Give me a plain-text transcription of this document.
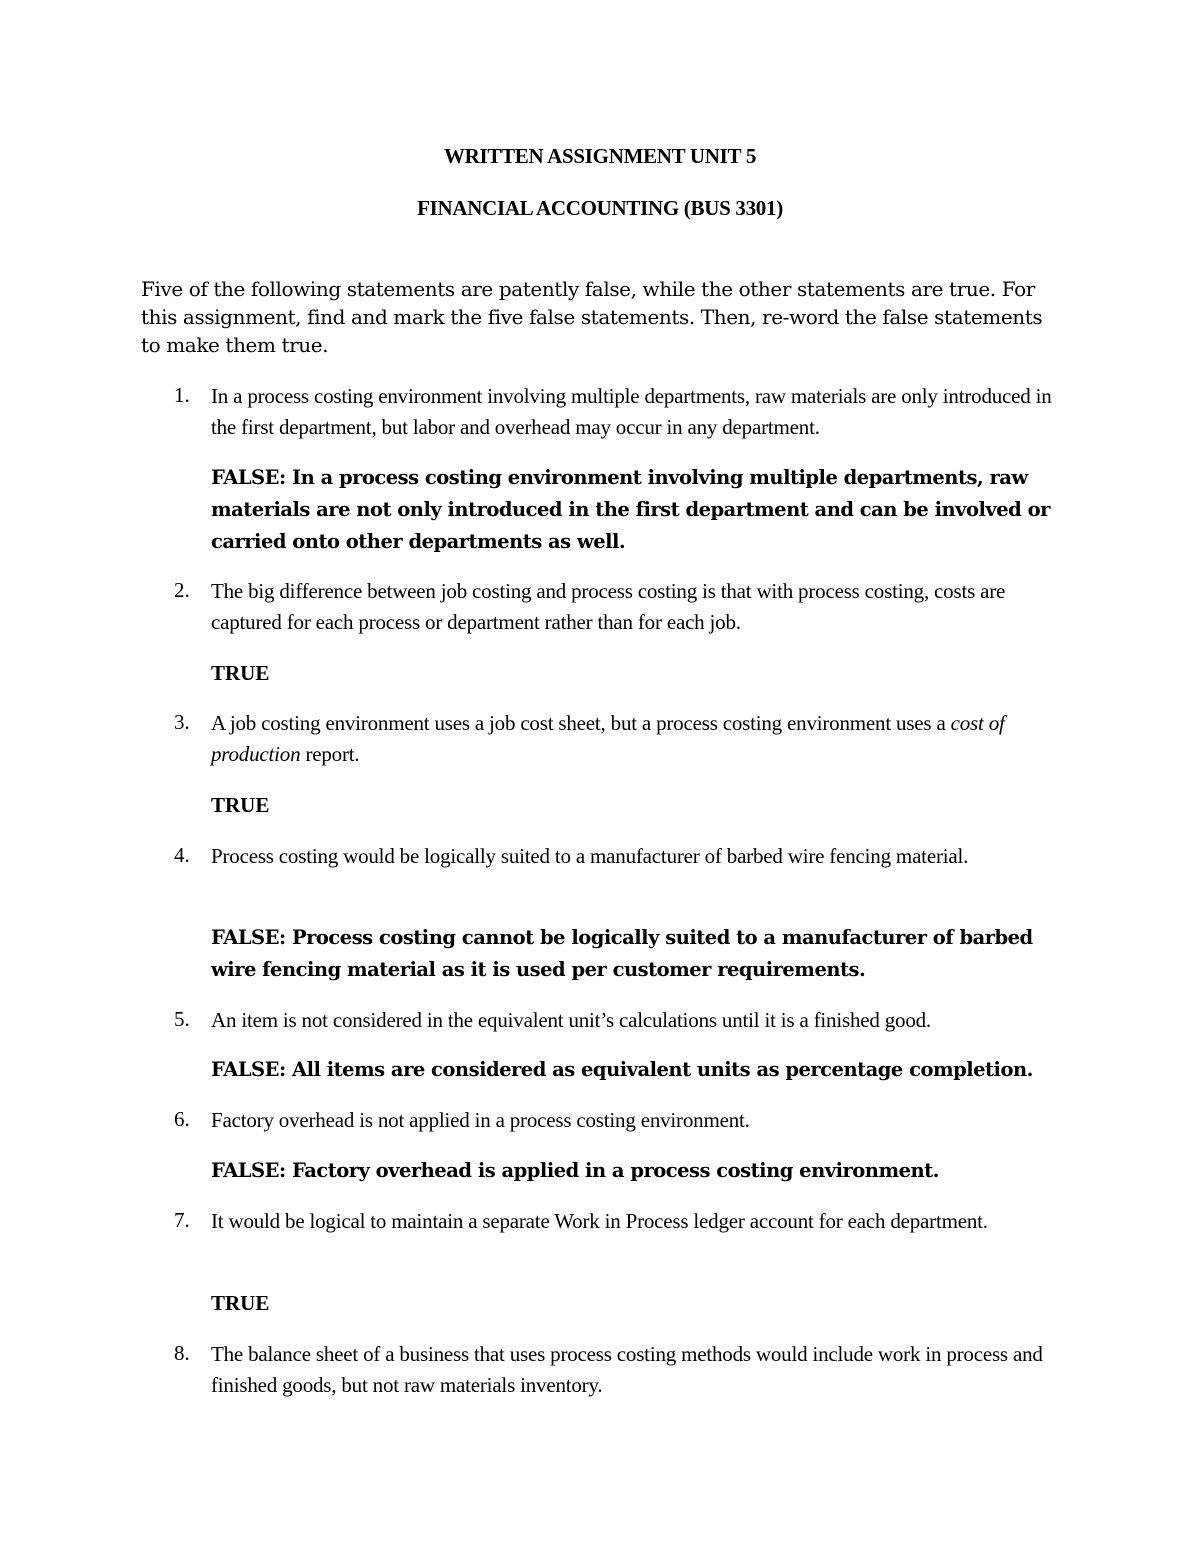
WRITTEN ASSIGNMENT UNIT 5
FINANCIAL ACCOUNTING (BUS 3301)
Five of the following statements are patently false, while the other statements are true. For this assignment, find and mark the five false statements. Then, re-word the false statements to make them true.
1. In a process costing environment involving multiple departments, raw materials are only introduced in the first department, but labor and overhead may occur in any department.
FALSE: In a process costing environment involving multiple departments, raw materials are not only introduced in the first department and can be involved or carried onto other departments as well.
2. The big difference between job costing and process costing is that with process costing, costs are captured for each process or department rather than for each job.
TRUE
3. A job costing environment uses a job cost sheet, but a process costing environment uses a cost of production report.
TRUE
4. Process costing would be logically suited to a manufacturer of barbed wire fencing material.
FALSE: Process costing cannot be logically suited to a manufacturer of barbed wire fencing material as it is used per customer requirements.
5. An item is not considered in the equivalent unit’s calculations until it is a finished good.
FALSE: All items are considered as equivalent units as percentage completion.
6. Factory overhead is not applied in a process costing environment.
FALSE: Factory overhead is applied in a process costing environment.
7. It would be logical to maintain a separate Work in Process ledger account for each department.
TRUE
8. The balance sheet of a business that uses process costing methods would include work in process and finished goods, but not raw materials inventory.
